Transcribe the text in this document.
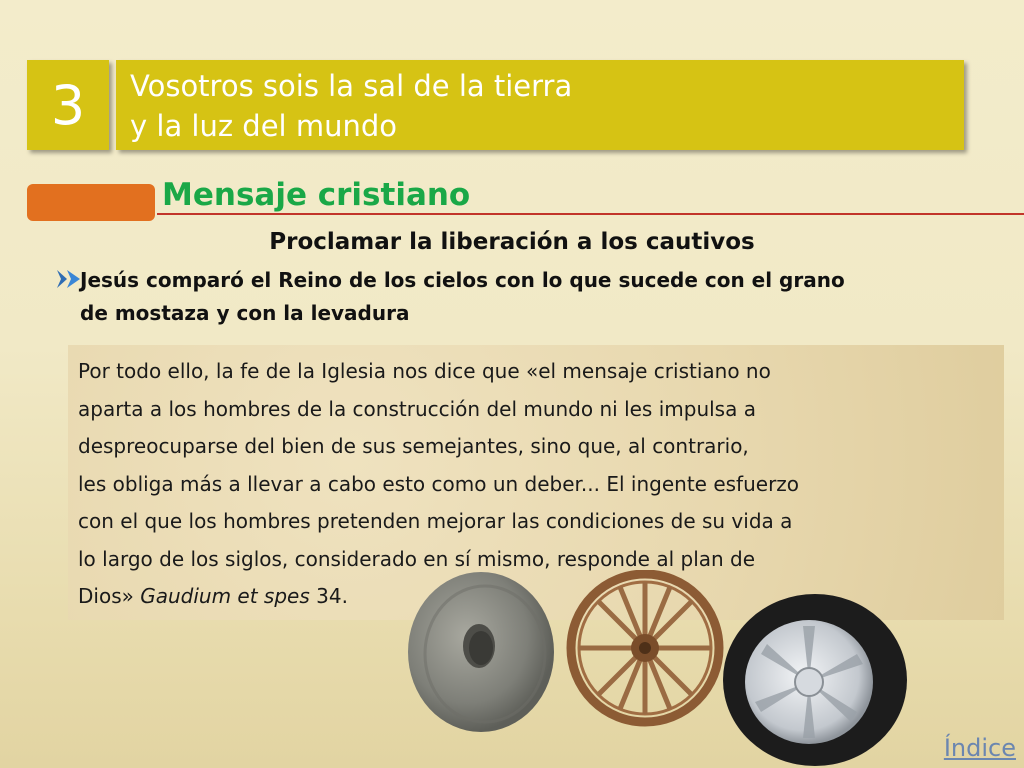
3 Vosotros sois la sal de la tierra
y la luz del mundo
Mensaje cristiano
Proclamar la liberación a los cautivos
Jesús comparó el Reino de los cielos con lo que sucede con el grano
de mostaza y con la levadura

Por todo ello, la fe de la Iglesia nos dice que «el mensaje cristiano no
aparta a los hombres de la construcción del mundo ni les impulsa a
despreocuparse del bien de sus semejantes, sino que, al contrario,
les obliga más a llevar a cabo esto como un deber... El ingente esfuerzo
con el que los hombres pretenden mejorar las condiciones de su vida a
lo largo de los siglos, considerado en sí mismo, responde al plan de
Dios» Gaudium et spes 34.

Índice
